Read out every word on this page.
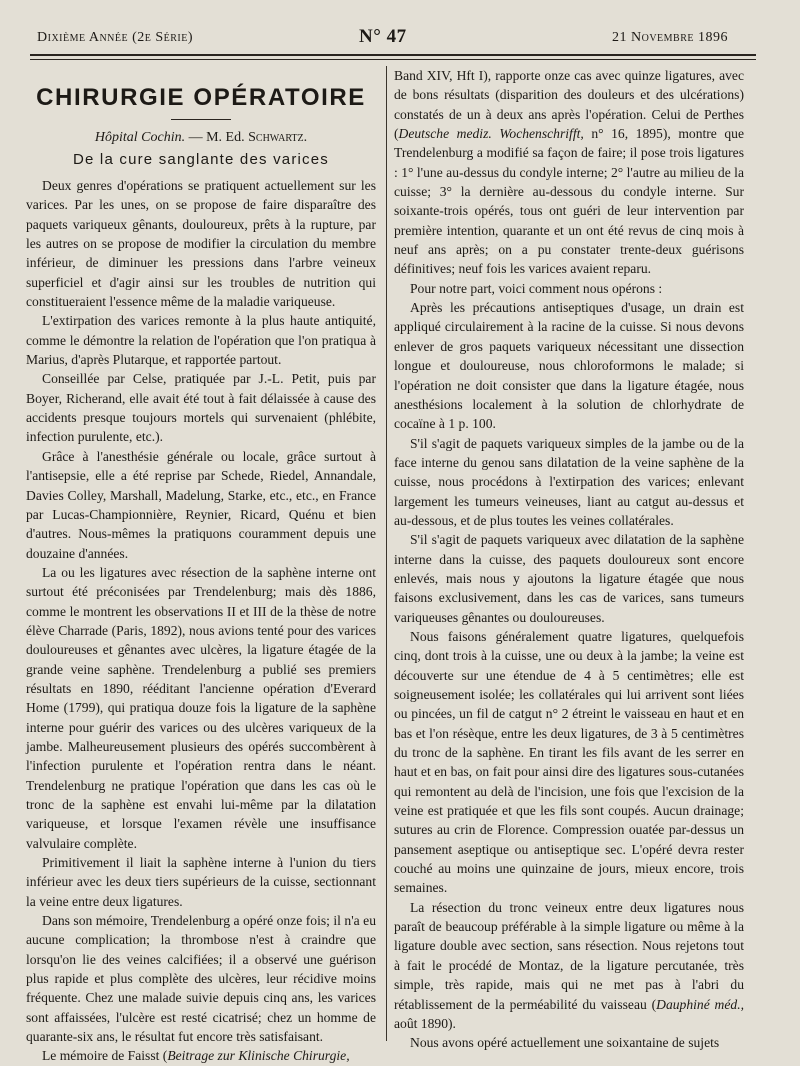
Dixième Année (2e Série)	N° 47	21 Novembre 1896
CHIRURGIE OPÉRATOIRE
Hôpital Cochin. — M. Ed. Schwartz.
De la cure sanglante des varices

Deux genres d'opérations se pratiquent actuellement sur les varices. Par les unes, on se propose de faire disparaître des paquets variqueux gênants, douloureux, prêts à la rupture, par les autres on se propose de modifier la circulation du membre inférieur, de diminuer les pressions dans l'arbre veineux superficiel et d'agir ainsi sur les troubles de nutrition qui constitueraient l'essence même de la maladie variqueuse.

L'extirpation des varices remonte à la plus haute antiquité, comme le démontre la relation de l'opération que l'on pratiqua à Marius, d'après Plutarque, et rapportée partout.

Conseillée par Celse, pratiquée par J.-L. Petit, puis par Boyer, Richerand, elle avait été tout à fait délaissée à cause des accidents presque toujours mortels qui survenaient (phlébite, infection purulente, etc.).

Grâce à l'anesthésie générale ou locale, grâce surtout à l'antisepsie, elle a été reprise par Schede, Riedel, Annandale, Davies Colley, Marshall, Madelung, Starke, etc., etc., en France par Lucas-Championnière, Reynier, Ricard, Quénu et bien d'autres. Nous-mêmes la pratiquons couramment depuis une douzaine d'années.

La ou les ligatures avec résection de la saphène interne ont surtout été préconisées par Trendelenburg; mais dès 1886, comme le montrent les observations II et III de la thèse de notre élève Charrade (Paris, 1892), nous avions tenté pour des varices douloureuses et gênantes avec ulcères, la ligature étagée de la grande veine saphène. Trendelenburg a publié ses premiers résultats en 1890, rééditant l'ancienne opération d'Everard Home (1799), qui pratiqua douze fois la ligature de la saphène interne pour guérir des varices ou des ulcères variqueux de la jambe. Malheureusement plusieurs des opérés succombèrent à l'infection purulente et l'opération rentra dans le néant. Trendelenburg ne pratique l'opération que dans les cas où le tronc de la saphène est envahi lui-même par la dilatation variqueuse, et lorsque l'examen révèle une insuffisance valvulaire complète.

Primitivement il liait la saphène interne à l'union du tiers inférieur avec les deux tiers supérieurs de la cuisse, sectionnant la veine entre deux ligatures.

Dans son mémoire, Trendelenburg a opéré onze fois; il n'a eu aucune complication; la thrombose n'est à craindre que lorsqu'on lie des veines calcifiées; il a observé une guérison plus rapide et plus complète des ulcères, leur récidive moins fréquente. Chez une malade suivie depuis cinq ans, les varices sont affaissées, l'ulcère est resté cicatrisé; chez un homme de quarante-six ans, le résultat fut encore très satisfaisant.

Le mémoire de Faisst (Beitrage zur Klinische Chirurgie,

Band XIV, Hft I), rapporte onze cas avec quinze ligatures, avec de bons résultats (disparition des douleurs et des ulcérations) constatés de un à deux ans après l'opération. Celui de Perthes (Deutsche mediz. Wochenschrifft, n° 16, 1895), montre que Trendelenburg a modifié sa façon de faire; il pose trois ligatures : 1° l'une au-dessus du condyle interne; 2° l'autre au milieu de la cuisse; 3° la dernière au-dessous du condyle interne. Sur soixante-trois opérés, tous ont guéri de leur intervention par première intention, quarante et un ont été revus de cinq mois à neuf ans après; on a pu constater trente-deux guérisons définitives; neuf fois les varices avaient reparu.

Pour notre part, voici comment nous opérons :

Après les précautions antiseptiques d'usage, un drain est appliqué circulairement à la racine de la cuisse. Si nous devons enlever de gros paquets variqueux nécessitant une dissection longue et douloureuse, nous chloroformons le malade; si l'opération ne doit consister que dans la ligature étagée, nous anesthésions localement à la solution de chlorhydrate de cocaïne à 1 p. 100.

S'il s'agit de paquets variqueux simples de la jambe ou de la face interne du genou sans dilatation de la veine saphène de la cuisse, nous procédons à l'extirpation des varices; enlevant largement les tumeurs veineuses, liant au catgut au-dessus et au-dessous, et de plus toutes les veines collatérales.

S'il s'agit de paquets variqueux avec dilatation de la saphène interne dans la cuisse, des paquets douloureux sont encore enlevés, mais nous y ajoutons la ligature étagée que nous faisons exclusivement, dans les cas de varices, sans tumeurs variqueuses gênantes ou douloureuses.

Nous faisons généralement quatre ligatures, quelquefois cinq, dont trois à la cuisse, une ou deux à la jambe; la veine est découverte sur une étendue de 4 à 5 centimètres; elle est soigneusement isolée; les collatérales qui lui arrivent sont liées ou pincées, un fil de catgut n° 2 étreint le vaisseau en haut et en bas et l'on résèque, entre les deux ligatures, de 3 à 5 centimètres du tronc de la saphène. En tirant les fils avant de les serrer en haut et en bas, on fait pour ainsi dire des ligatures sous-cutanées qui remontent au delà de l'incision, une fois que l'excision de la veine est pratiquée et que les fils sont coupés. Aucun drainage; sutures au crin de Florence. Compression ouatée par-dessus un pansement aseptique ou antiseptique sec. L'opéré devra rester couché au moins une quinzaine de jours, mieux encore, trois semaines.

La résection du tronc veineux entre deux ligatures nous paraît de beaucoup préférable à la simple ligature ou même à la ligature double avec section, sans résection. Nous rejetons tout à fait le procédé de Montaz, de la ligature percutanée, très simple, très rapide, mais qui ne met pas à l'abri du rétablissement de la perméabilité du vaisseau (Dauphiné méd., août 1890).

Nous avons opéré actuellement une soixantaine de sujets
